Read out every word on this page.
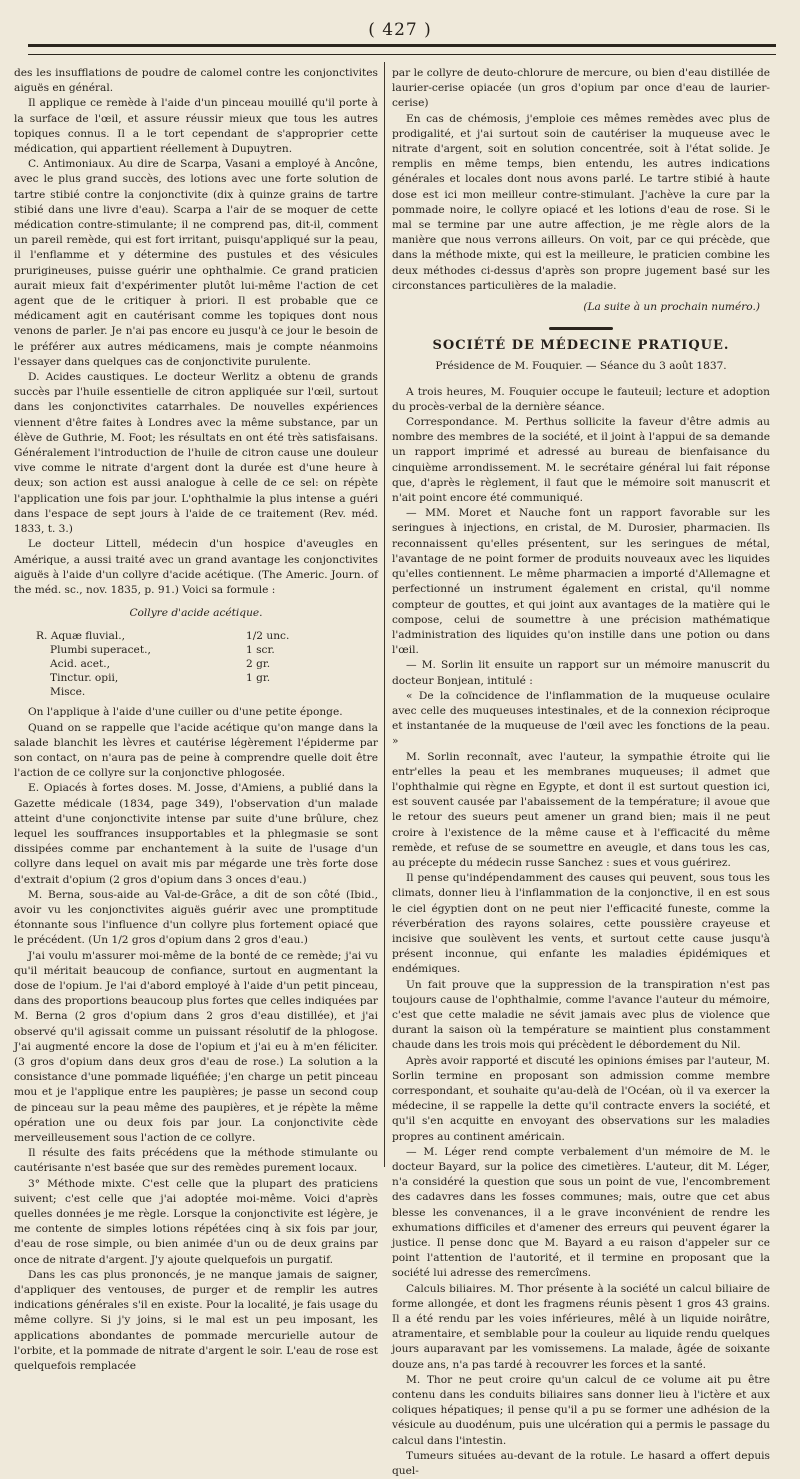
( 427 )

des les insufflations de poudre de calomel contre les conjonctivites aiguës en général.

Il applique ce remède à l'aide d'un pinceau mouillé qu'il porte à la surface de l'œil, et assure réussir mieux que tous les autres topiques connus. Il a le tort cependant de s'approprier cette médication, qui appartient réellement à Dupuytren.

C. Antimoniaux. Au dire de Scarpa, Vasani a employé à Ancône, avec le plus grand succès, des lotions avec une forte solution de tartre stibié contre la conjonctivite (dix à quinze grains de tartre stibié dans une livre d'eau). Scarpa a l'air de se moquer de cette médication contre-stimulante; il ne comprend pas, dit-il, comment un pareil remède, qui est fort irritant, puisqu'appliqué sur la peau, il l'enflamme et y détermine des pustules et des vésicules prurigineuses, puisse guérir une ophthalmie. Ce grand praticien aurait mieux fait d'expérimenter plutôt lui-même l'action de cet agent que de le critiquer à priori. Il est probable que ce médicament agit en cautérisant comme les topiques dont nous venons de parler. Je n'ai pas encore eu jusqu'à ce jour le besoin de le préférer aux autres médicamens, mais je compte néanmoins l'essayer dans quelques cas de conjonctivite purulente.

D. Acides caustiques. Le docteur Werlitz a obtenu de grands succès par l'huile essentielle de citron appliquée sur l'œil, surtout dans les conjonctivites catarrhales. De nouvelles expériences viennent d'être faites à Londres avec la même substance, par un élève de Guthrie, M. Foot; les résultats en ont été très satisfaisans. Généralement l'introduction de l'huile de citron cause une douleur vive comme le nitrate d'argent dont la durée est d'une heure à deux; son action est aussi analogue à celle de ce sel: on répète l'application une fois par jour. L'ophthalmie la plus intense a guéri dans l'espace de sept jours à l'aide de ce traitement (Rev. méd. 1833, t. 3.)

Le docteur Littell, médecin d'un hospice d'aveugles en Amérique, a aussi traité avec un grand avantage les conjonctivites aiguës à l'aide d'un collyre d'acide acétique. (The Americ. Journ. of the méd. sc., nov. 1835, p. 91.) Voici sa formule :

Collyre d'acide acétique.

R. Aquæ fluvial.,	1/2 unc.
Plumbi superacet.,	1 scr.
Acid. acet.,	2 gr.
Tinctur. opii,	1 gr.
Misce.

On l'applique à l'aide d'une cuiller ou d'une petite éponge.

Quand on se rappelle que l'acide acétique qu'on mange dans la salade blanchit les lèvres et cautérise légèrement l'épiderme par son contact, on n'aura pas de peine à comprendre quelle doit être l'action de ce collyre sur la conjonctive phlogosée.

E. Opiacés à fortes doses. M. Josse, d'Amiens, a publié dans la Gazette médicale (1834, page 349), l'observation d'un malade atteint d'une conjonctivite intense par suite d'une brûlure, chez lequel les souffrances insupportables et la phlegmasie se sont dissipées comme par enchantement à la suite de l'usage d'un collyre dans lequel on avait mis par mégarde une très forte dose d'extrait d'opium (2 gros d'opium dans 3 onces d'eau.)

M. Berna, sous-aide au Val-de-Grâce, a dit de son côté (Ibid., avoir vu les conjonctivites aiguës guérir avec une promptitude étonnante sous l'influence d'un collyre plus fortement opiacé que le précédent. (Un 1/2 gros d'opium dans 2 gros d'eau.)

J'ai voulu m'assurer moi-même de la bonté de ce remède; j'ai vu qu'il méritait beaucoup de confiance, surtout en augmentant la dose de l'opium. Je l'ai d'abord employé à l'aide d'un petit pinceau, dans des proportions beaucoup plus fortes que celles indiquées par M. Berna (2 gros d'opium dans 2 gros d'eau distillée), et j'ai observé qu'il agissait comme un puissant résolutif de la phlogose. J'ai augmenté encore la dose de l'opium et j'ai eu à m'en féliciter. (3 gros d'opium dans deux gros d'eau de rose.) La solution a la consistance d'une pommade liquéfiée; j'en charge un petit pinceau mou et je l'applique entre les paupières; je passe un second coup de pinceau sur la peau même des paupières, et je répète la même opération une ou deux fois par jour. La conjonctivite cède merveilleusement sous l'action de ce collyre.

Il résulte des faits précédens que la méthode stimulante ou cautérisante n'est basée que sur des remèdes purement locaux.

3° Méthode mixte. C'est celle que la plupart des praticiens suivent; c'est celle que j'ai adoptée moi-même. Voici d'après quelles données je me règle. Lorsque la conjonctivite est légère, je me contente de simples lotions répétées cinq à six fois par jour, d'eau de rose simple, ou bien animée d'un ou de deux grains par once de nitrate d'argent. J'y ajoute quelquefois un purgatif.

Dans les cas plus prononcés, je ne manque jamais de saigner, d'appliquer des ventouses, de purger et de remplir les autres indications générales s'il en existe. Pour la localité, je fais usage du même collyre. Si j'y joins, si le mal est un peu imposant, les applications abondantes de pommade mercurielle autour de l'orbite, et la pommade de nitrate d'argent le soir. L'eau de rose est quelquefois remplacée

par le collyre de deuto-chlorure de mercure, ou bien d'eau distillée de laurier-cerise opiacée (un gros d'opium par once d'eau de laurier-cerise)

En cas de chémosis, j'emploie ces mêmes remèdes avec plus de prodigalité, et j'ai surtout soin de cautériser la muqueuse avec le nitrate d'argent, soit en solution concentrée, soit à l'état solide. Je remplis en même temps, bien entendu, les autres indications générales et locales dont nous avons parlé. Le tartre stibié à haute dose est ici mon meilleur contre-stimulant. J'achève la cure par la pommade noire, le collyre opiacé et les lotions d'eau de rose. Si le mal se termine par une autre affection, je me règle alors de la manière que nous verrons ailleurs. On voit, par ce qui précède, que dans la méthode mixte, qui est la meilleure, le praticien combine les deux méthodes ci-dessus d'après son propre jugement basé sur les circonstances particulières de la maladie.

(La suite à un prochain numéro.)

SOCIÉTÉ DE MÉDECINE PRATIQUE.

Présidence de M. Fouquier. — Séance du 3 août 1837.

A trois heures, M. Fouquier occupe le fauteuil; lecture et adoption du procès-verbal de la dernière séance.

Correspondance. M. Perthus sollicite la faveur d'être admis au nombre des membres de la société, et il joint à l'appui de sa demande un rapport imprimé et adressé au bureau de bienfaisance du cinquième arrondissement. M. le secrétaire général lui fait réponse que, d'après le règlement, il faut que le mémoire soit manuscrit et n'ait point encore été communiqué.

— MM. Moret et Nauche font un rapport favorable sur les seringues à injections, en cristal, de M. Durosier, pharmacien. Ils reconnaissent qu'elles présentent, sur les seringues de métal, l'avantage de ne point former de produits nouveaux avec les liquides qu'elles contiennent. Le même pharmacien a importé d'Allemagne et perfectionné un instrument également en cristal, qu'il nomme compteur de gouttes, et qui joint aux avantages de la matière qui le compose, celui de soumettre à une précision mathématique l'administration des liquides qu'on instille dans une potion ou dans l'œil.

— M. Sorlin lit ensuite un rapport sur un mémoire manuscrit du docteur Bonjean, intitulé :

« De la coïncidence de l'inflammation de la muqueuse oculaire avec celle des muqueuses intestinales, et de la connexion réciproque et instantanée de la muqueuse de l'œil avec les fonctions de la peau. »

M. Sorlin reconnaît, avec l'auteur, la sympathie étroite qui lie entr'elles la peau et les membranes muqueuses; il admet que l'ophthalmie qui règne en Egypte, et dont il est surtout question ici, est souvent causée par l'abaissement de la température; il avoue que le retour des sueurs peut amener un grand bien; mais il ne peut croire à l'existence de la même cause et à l'efficacité du même remède, et refuse de se soumettre en aveugle, et dans tous les cas, au précepte du médecin russe Sanchez : sues et vous guérirez.

Il pense qu'indépendamment des causes qui peuvent, sous tous les climats, donner lieu à l'inflammation de la conjonctive, il en est sous le ciel égyptien dont on ne peut nier l'efficacité funeste, comme la réverbération des rayons solaires, cette poussière crayeuse et incisive que soulèvent les vents, et surtout cette cause jusqu'à présent inconnue, qui enfante les maladies épidémiques et endémiques.

Un fait prouve que la suppression de la transpiration n'est pas toujours cause de l'ophthalmie, comme l'avance l'auteur du mémoire, c'est que cette maladie ne sévit jamais avec plus de violence que durant la saison où la température se maintient plus constamment chaude dans les trois mois qui précèdent le débordement du Nil.

Après avoir rapporté et discuté les opinions émises par l'auteur, M. Sorlin termine en proposant son admission comme membre correspondant, et souhaite qu'au-delà de l'Océan, où il va exercer la médecine, il se rappelle la dette qu'il contracte envers la société, et qu'il s'en acquitte en envoyant des observations sur les maladies propres au continent américain.

— M. Léger rend compte verbalement d'un mémoire de M. le docteur Bayard, sur la police des cimetières. L'auteur, dit M. Léger, n'a considéré la question que sous un point de vue, l'encombrement des cadavres dans les fosses communes; mais, outre que cet abus blesse les convenances, il a le grave inconvénient de rendre les exhumations difficiles et d'amener des erreurs qui peuvent égarer la justice. Il pense donc que M. Bayard a eu raison d'appeler sur ce point l'attention de l'autorité, et il termine en proposant que la société lui adresse des remercîmens.

Calculs biliaires. M. Thor présente à la société un calcul biliaire de forme allongée, et dont les fragmens réunis pèsent 1 gros 43 grains. Il a été rendu par les voies inférieures, mêlé à un liquide noirâtre, atramentaire, et semblable pour la couleur au liquide rendu quelques jours auparavant par les vomissemens. La malade, âgée de soixante douze ans, n'a pas tardé à recouvrer les forces et la santé.

M. Thor ne peut croire qu'un calcul de ce volume ait pu être contenu dans les conduits biliaires sans donner lieu à l'ictère et aux coliques hépatiques; il pense qu'il a pu se former une adhésion de la vésicule au duodénum, puis une ulcération qui a permis le passage du calcul dans l'intestin.

Tumeurs situées au-devant de la rotule. Le hasard a offert depuis quel-
